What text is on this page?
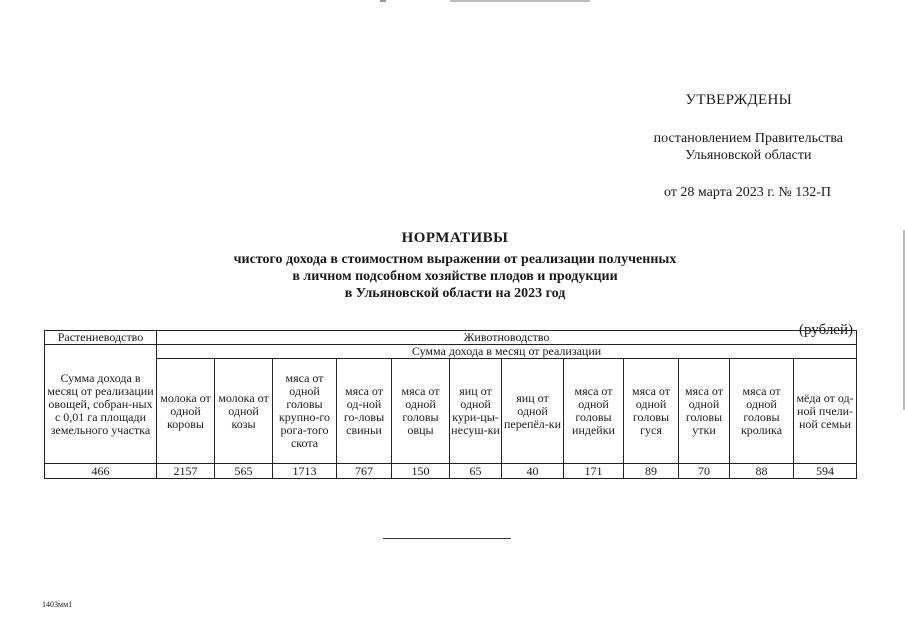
УТВЕРЖДЕНЫ
постановлением Правительства
Ульяновской области
от 28 марта 2023 г. № 132-П
НОРМАТИВЫ
чистого дохода в стоимостном выражении от реализации полученных
в личном подсобном хозяйстве плодов и продукции
в Ульяновской области на 2023 год
(рублей)
Растениеводство	Животноводство											
Сумма дохода в месяц от реализации овощей, собран-ных с 0,01 га площади земельного участка	Сумма дохода в месяц от реализации											
	молока от одной коровы	молока от одной козы	мяса от одной головы крупно-го рога-того скота	мяса от од-ной го-ловы свиньи	мяса от одной головы овцы	яиц от одной кури-цы-несуш-ки	яиц от одной перепёл-ки	мяса от одной головы индейки	мяса от одной головы гуся	мяса от одной головы утки	мяса от одной головы кролика	мёда от од-ной пчели-ной семьи
466	2157	565	1713	767	150	65	40	171	89	70	88	594
1403мм1
